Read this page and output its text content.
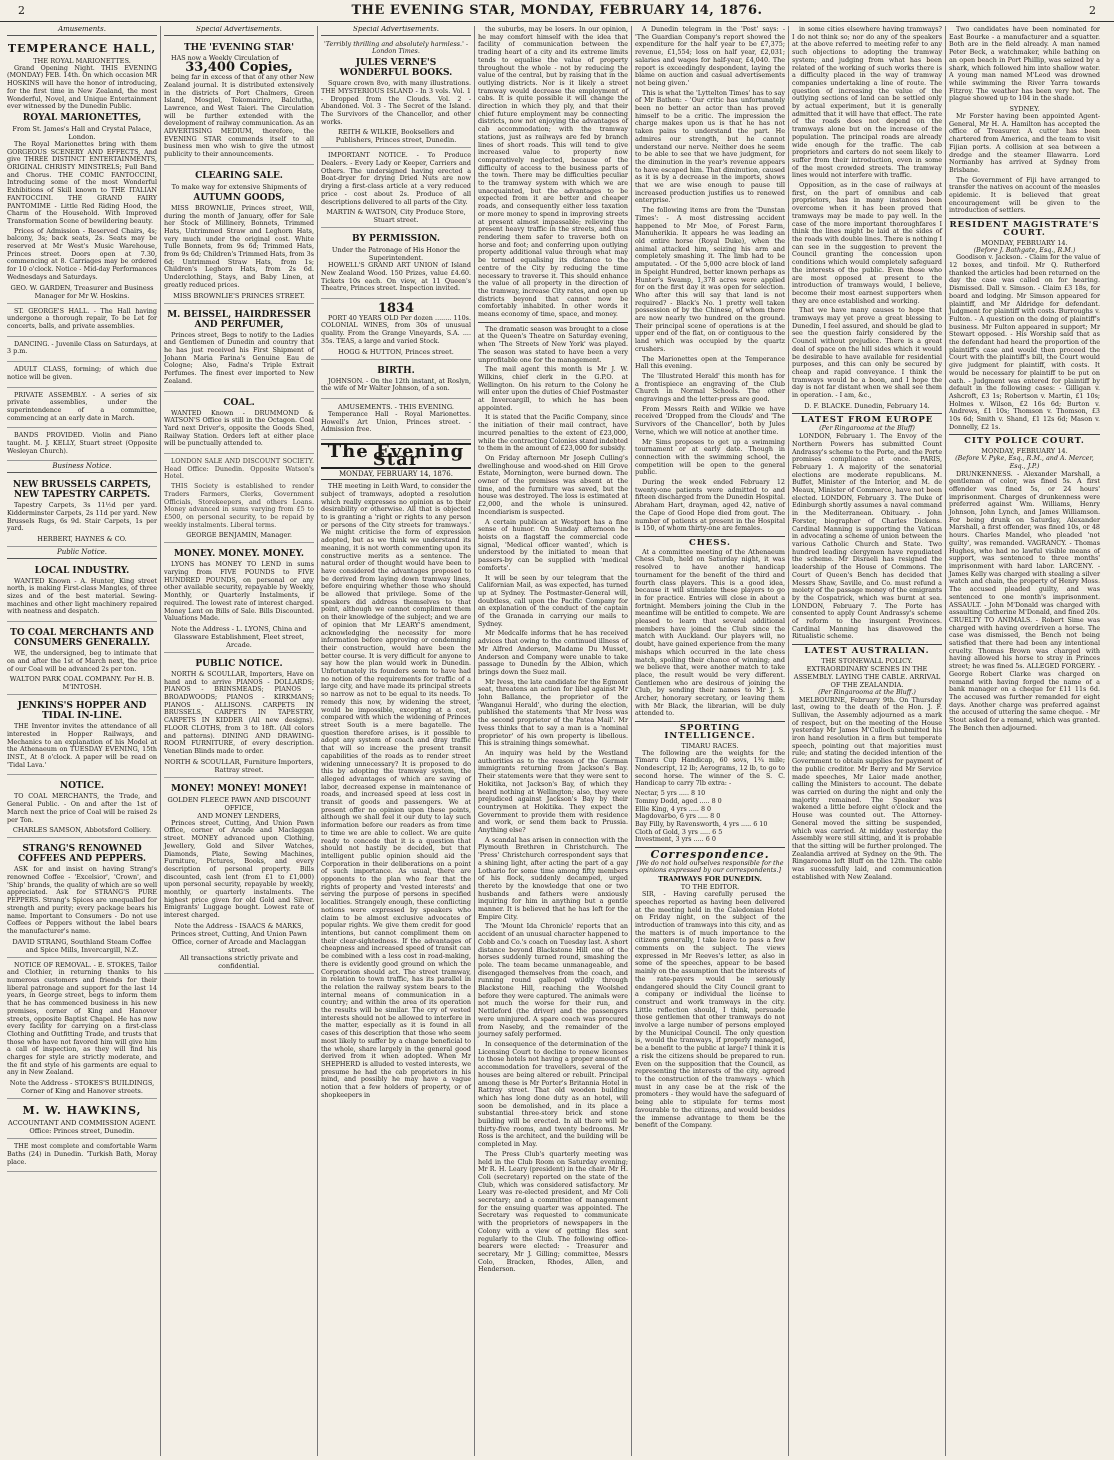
2	THE EVENING STAR, MONDAY, FEBRUARY 14, 1876.	2
Amusements.
TEMPERANCE HALL,
THE ROYAL MARIONETTES.

Grand Opening Night. THIS EVENING (MONDAY) FEB. 14th. On which occasion MR HOSKINS will have the honor of introducing, for the first time in New Zealand, the most Wonderful, Novel, and Unique Entertainment ever witnessed by the Dunedin Public.

ROYAL MARIONETTES,
From St. James's Hall and Crystal Palace, London.

The Royal Marionettes bring with them GORGEOUS SCENERY AND EFFECTS, And give THREE DISTINCT ENTERTAINMENTS, ORIGINAL CHRISTY MINSTRELS; Full Band and Chorus. THE COMIC FANTOCCINI, Introducing some of the most Wonderful Exhibitions of Skill known to THE ITALIAN FANTOCCINI. THE GRAND FAIRY PANTOMIME - Little Red Riding Hood, the Charm of the Household. With Improved Transformation Scene of bewildering beauty.

Prices of Admission - Reserved Chairs, 4s; balcony, 3s; back seats, 2s. Seats may be reserved at Mr West's Music Warehouse, Princes street. Doors open at 7.30, commencing at 8. Carriages may be ordered for 10 o'clock. Notice - Mid-day Performances Wednesdays and Saturdays.

GEO. W. GARDEN, Treasurer and Business Manager for Mr W. Hoskins.

ST. GEORGE'S HALL. - The Hall having undergone a thorough repair, To be Let for concerts, balls, and private assemblies.

DANCING. - Juvenile Class on Saturdays, at 3 p.m.

ADULT CLASS, forming; of which due notice will be given.

PRIVATE ASSEMBLY. - A series of six private assemblies, under the superintendence of a committee, commencing at an early date in March.

BANDS PROVIDED. Violin and Piano taught. M. J. KELLY, Stuart street (Opposite Wesleyan Church).

Business Notice.
NEW BRUSSELS CARPETS, NEW TAPESTRY CARPETS.

Tapestry Carpets, 3s 11½d per yard. Kidderminster Carpets, 2s 11d per yard. New Brussels Rugs, 6s 9d. Stair Carpets, 1s per yard.

HERBERT, HAYNES & CO.
Public Notice.
LOCAL INDUSTRY.

WANTED Known - A. Hunter, King street north, is making First-class Mangles, of three sizes and of the best material. Sewing-machines and other light machinery repaired with neatness and despatch.

TO COAL MERCHANTS AND CONSUMERS GENERALLY.

WE, the undersigned, beg to intimate that on and after the 1st of March next, the price of our Coal will be advanced 2s per ton.

WALTON PARK COAL COMPANY. Per H. B. M'INTOSH.
JENKINS'S HOPPER AND TIDAL IN-LINE.

THE Inventor invites the attendance of all interested in Hopper Railways, and Mechanics to an explanation of his Model at the Athenaeum on TUESDAY EVENING, 15th INST., At 8 o'clock. A paper will be read on 'Tidal Lava.'

NOTICE.

TO COAL MERCHANTS, the Trade, and General Public. - On and after the 1st of March next the price of Coal will be raised 2s per Ton.

CHARLES SAMSON, Abbotsford Colliery.
STRANG'S RENOWNED COFFEES AND PEPPERS.

ASK for and insist on having Strang's renowned Coffee - 'Excelsior', 'Crown', and 'Ship' brands, the quality of which are so well appreciated. Ask for STRANG'S PURE PEPPERS. Strang's Spices are unequalled for strength and purity; every package bears his name. Important to Consumers - Do not use Coffees or Peppers without the label bears the manufacturer's name.

DAVID STRANG, Southland Steam Coffee and Spice Mills, Invercargill, N.Z.

NOTICE OF REMOVAL. - E. STOKES, Tailor and Clothier, in returning thanks to his numerous customers and friends for their liberal patronage and support for the last 14 years, in George street, begs to inform them that he has commenced business in his new premises, corner of King and Hanover streets, opposite Baptist Chapel. He has now every facility for carrying on a first-class Clothing and Outfitting Trade, and trusts that those who have not favored him will give him a call of inspection, as they will find his charges for style are strictly moderate, and the fit and style of his garments are equal to any in New Zealand.

Note the Address - STOKES'S BUILDINGS, Corner of King and Hanover streets.
M. W. HAWKINS,
ACCOUNTANT AND COMMISSION AGENT.
Office: Princes street, Dunedin.

THE most complete and comfortable Warm Baths (24) in Dunedin. 'Turkish Bath, Moray place.

Special Advertisements.
THE 'EVENING STAR'

HAS now a Weekly Circulation of

33,400 Copies,

being far in excess of that of any other New Zealand journal. It is distributed extensively in the districts of Port Chalmers, Green Island, Mosgiel, Tokomairiro, Balclutha, Lawrence, and West Taieri. The Circulation will be further extended with the development of railway communication. As an ADVERTISING MEDIUM, therefore, the EVENING STAR commends itself to all business men who wish to give the utmost publicity to their announcements.

CLEARING SALE.
To make way for extensive Shipments of
AUTUMN GOODS,

MISS BROWNLIE, Princes street, Will, during the month of January, offer for Sale her Stock of Millinery, Bonnets, Trimmed Hats, Untrimmed Straw and Leghorn Hats, very much under the original cost. White Tulle Bonnets, from 9s 6d; Trimmed Hats, from 9s 6d; Children's Trimmed Hats, from 3s 6d; Untrimmed Straw Hats, from 1s; Children's Leghorn Hats, from 2s 6d. Underclothing, Stays, and Baby Linen, at greatly reduced prices.

MISS BROWNLIE'S PRINCES STREET.
M. BEISSEL, HAIRDRESSER AND PERFUMER,

Princes street, Begs to notify to the Ladies and Gentlemen of Dunedin and country that he has just received his First Shipment of Johann Maria Farina's Genuine Eau de Cologne; Also, Fadna's Triple Extrait Perfumes. The finest ever imported to New Zealand.

COAL.

WANTED Known - DRUMMOND & WATSON'S Office is still in the Octagon. Coal Yard next Driver's, opposite the Goods Shed, Railway Station. Orders left at either place will be punctually attended to.

LONDON SALE AND DISCOUNT SOCIETY. Head Office: Dunedin. Opposite Watson's Hotel.

THIS Society is established to render Traders Farmers, Clerks, Government Officials, Storekeepers, and others Loans. Money advanced in sums varying from £5 to £500, on personal security, to be repaid by weekly instalments. Liberal terms.

GEORGE BENJAMIN, Manager.
MONEY. MONEY. MONEY.

LYONS has MONEY TO LEND in sums varying from FIVE POUNDS to FIVE HUNDRED POUNDS, on personal or any other available security, repayable by Weekly, Monthly, or Quarterly Instalments, if required. The lowest rate of interest charged. Money Lent on Bills of Sale. Bills Discounted. Valuations Made.

Note the Address - L. LYONS, China and Glassware Establishment, Fleet street, Arcade.
PUBLIC NOTICE.

NORTH & SCOULLAR, Importers, Have on hand and to arrive PIANOS - DOLLARDS; PIANOS - BRINSMEADS; PIANOS - BROADWOODS; PIANOS - KIRKMANS; PIANOS - ALLISONS. CARPETS IN BRUSSELS, CARPETS IN TAPESTRY, CARPETS IN KIDDER (All new designs). FLOOR CLOTHS, from 3 to 18ft. (All colors and patterns). DINING AND DRAWING-ROOM FURNITURE, of every description. Venetian Blinds made to order.

NORTH & SCOULLAR, Furniture Importers, Rattray street.
MONEY! MONEY! MONEY!
GOLDEN FLEECE PAWN AND DISCOUNT OFFICE,
AND MONEY LENDERS,

Princes street, Cutting, And Union Pawn Office, corner of Arcade and Maclaggan street. MONEY advanced upon Clothing, Jewellery, Gold and Silver Watches, Diamonds, Plate, Sewing Machines, Furniture, Pictures, Books, and every description of personal property. Bills discounted, cash lent (from £1 to £1,000) upon personal security, repayable by weekly, monthly, or quarterly instalments. The highest price given for old Gold and Silver. Emigrants' Luggage bought. Lowest rate of interest charged.

Note the Address - ISAACS & MARKS, Princes street, Cutting, And Union Pawn Office, corner of Arcade and Maclaggan street.
All transactions strictly private and confidential.
Special Advertisements.
'Terribly thrilling and absolutely harmless.' - London Times.
JULES VERNE'S WONDERFUL BOOKS.

Square crown 8vo, with many illustrations. THE MYSTERIOUS ISLAND - In 3 vols. Vol. 1 - Dropped from the Clouds. Vol. 2 - Abandoned. Vol. 3 - The Secret of the Island. The Survivors of the Chancellor, and other works.

REITH & WILKIE, Booksellers and Publishers, Princes street, Dunedin.

IMPORTANT NOTICE. - To Produce Dealers. - Every Lady or Keeper, Carriers and Others. The undersigned having erected a Boat-dryer for drying Dried Nuts are now drying a first-class article at a very reduced price - cost about 2s. Produce of all descriptions delivered to all parts of the City.

MARTIN & WATSON, City Produce Store, Stuart street.
BY PERMISSION.
Under the Patronage of His Honor the Superintendent.

HOWELL'S GRAND ART UNION of Island New Zealand Wood. 150 Prizes, value £4.60. Tickets 10s each. On view, at 11 Queen's Theatre, Princes street. Inspection invited.

1834

PORT 40 YEARS OLD Per dozen ........ 110s. COLONIAL WINES, from 30s of unusual quality. From the Grange Vineyards, S.A. .... 35s. TEAS, a large and varied Stock.

HOGG & HUTTON, Princes street.
BIRTH.

JOHNSON. - On the 12th instant, at Roslyn, the wife of Mr Walter Johnson, of a son.

AMUSEMENTS. - THIS EVENING.

Temperance Hall - Royal Marionettes. Howell's Art Union, Princes street. - Admission free.

The Evening Star
MONDAY, FEBRUARY 14, 1876.

THE meeting in Leith Ward, to consider the subject of tramways, adopted a resolution which really expresses no opinion as to their desirability or otherwise. All that is objected to is granting a 'right or rights to any person or persons of the City streets for tramways.' We might criticise the form of expression adopted, but as we think we understand its meaning, it is not worth commenting upon its constructive merits as a sentence. The natural order of thought would have been to have considered the advantages proposed to be derived from laying down tramway lines, before enquiring whether those who should be allowed that privilege. Some of the speakers did address themselves to that point, although we cannot compliment them on their knowledge of the subject; and we are of opinion that Mr LEARY'S amendment, acknowledging the necessity for more information before approving or condemning their construction, would have been the better course. It is very difficult for anyone to say how the plan would work in Dunedin. Unfortunately its founders seem to have had no notion of the requirements for traffic of a large city, and have made its principal streets so narrow as not to be equal to its needs. To remedy this now, by widening the street, would be impossible, excepting at a cost, compared with which the widening of Princes street South is a mere bagatelle. The question therefore arises, is it possible to adopt any system of coach and dray traffic that will so increase the present transit capabilities of the roads as to render street widening unnecessary? It is proposed to do this by adopting the tramway system, the alleged advantages of which are saving of labor, decreased expense in maintenance of roads, and increased speed at less cost in transit of goods and passengers. We at present offer no opinion upon these points, although we shall feel it our duty to lay such information before our readers as from time to time we are able to collect. We are quite ready to concede that it is a question that should not hastily be decided, but that intelligent public opinion should aid the Corporation in their deliberations on a point of such importance. As usual, there are opponents to the plan who fear that the rights of property and 'vested interests' and serving the purpose of persons in specified localities. Strangely enough, these conflicting notions were expressed by speakers who claim to be almost exclusive advocates of popular rights. We give them credit for good intentions, but cannot compliment them on their clear-sightedness. If the advantages of cheapness and increased speed of transit can be combined with a less cost in road-making, there is evidently good ground on which the Corporation should act. The street tramway, in relation to town traffic, has its parallel in the relation the railway system bears to the internal means of communication in a country; and within the area of its operation the results will be similar. The cry of vested interests should not be allowed to interfere in the matter, especially as it is found in all cases of this description that those who seem most likely to suffer by a change beneficial to the whole, share largely in the general good derived from it when adopted. When Mr SHEPHERD is alluded to vested interests, we presume he had the cab proprietors in his mind, and possibly he may have a vague notion that a few holders of property, or of shopkeepers in

the suburbs, may be losers. In our opinion, he may comfort himself with the idea that facility of communication between the trading heart of a city and its extreme limits tends to equalise the value of property throughout the whole - not by reducing the value of the central, but by raising that in the outlying districts. Nor is it likely a street tramway would decrease the employment of cabs. It is quite possible it will change the direction in which they ply, and that their chief future employment may be connecting districts, now not enjoying the advantages of cab accommodation; with the tramway stations, just as railways are fed by branch lines of short roads. This will tend to give increased value to property now comparatively neglected, because of the difficulty of access to the business parts of the town. There may be difficulties peculiar to the tramway system with which we are unacquainted, but the advantages to be expected from it are better and cheaper roads, and consequently either less taxation or more money to spend in improving streets at present almost impassable; relieving the present heavy traffic in the streets, and thus rendering them safer to traverse both on horse and foot; and conferring upon outlying property additional value through what may be termed equalising its distance to the centre of the City by reducing the time necessary to traverse it. This should enhance the value of all property in the direction of the tramway, increase City rates, and open up districts beyond that cannot now be comfortably inhabited. In other words it means economy of time, space, and money.

The dramatic season was brought to a close at the Queen's Theatre on Saturday evening, when 'The Streets of New York' was played. The season was stated to have been a very unprofitable one for the management.

The mail agent this month is Mr J. W. Wilkins, chief clerk in the G.P.O. at Wellington. On his return to the Colony he will enter upon the duties of Chief Postmaster at Invercargill, to which he has been appointed.

It is stated that the Pacific Company, since the initiation of their mail contract, have incurred penalties to the extent of £23,000, while the contracting Colonies stand indebted to them in the amount of £23,000 for subsidy.

On Friday afternoon Mr Joseph Culling's dwellinghouse and wood-shed on Hill Grove Estate, Mornington, were burned down. The owner of the premises was absent at the time, and the furniture was saved, but the house was destroyed. The loss is estimated at £2,000, and the whole is uninsured. Incendiarism is suspected.

A certain publican at Westport has a fine sense of humor. On Sunday afternoon he hoists on a flagstaff the commercial code signal, 'Medical officer wanted', which is understood by the initiated to mean that passers-by can be supplied with 'medical comforts'.

It will be seen by our telegram that the Californian Mail, as was expected, has turned up at Sydney. The Postmaster-General will, doubtless, call upon the Pacific Company for an explanation of the conduct of the captain of the Granada in carrying our mails to Sydney.

Mr Medcalfe informs that he has received advices that owing to the continued illness of Mr Alfred Anderson, Madame Du Musset, Anderson and Company were unable to take passage to Dunedin by the Albion, which brings down the Suez mail.

Mr Ivess, the late candidate for the Egmont seat, threatens an action for libel against Mr John Ballance, the proprietor of the 'Wanganui Herald', who during the election, published the statements 'that Mr Ivess was the second proprietor of the Patea Mail'. Mr Ivess thinks that to say a man is a 'nominal proprietor' of his own property is libellous. This is straining things somewhat.

An inquiry was held by the Westland authorities as to the reason of the German immigrants returning from Jackson's Bay. Their statements were that they were sent to Hokitika, not Jackson's Bay, of which they heard nothing at Wellington; also, they were prejudiced against Jackson's Bay by their countrymen at Hokitika. They expect the Government to provide them with residence and work, or send them back to Prussia. Anything else?

A scandal has arisen in connection with the Plymouth Brethren in Christchurch. The 'Press' Christchurch correspondent says that a shining light, after acting the part of a gay Lothario for some time among fifty members of his flock, suddenly decamped, urged thereto by the knowledge that one or two husbands and fathers were anxiously inquiring for him in anything but a gentle manner. It is believed that he has left for the Empire City.

The 'Mount Ida Chronicle' reports that an accident of an unusual character happened to Cobb and Co.'s coach on Tuesday last. A short distance beyond Blackstone Hill one of the horses suddenly turned round, smashing the pole. The team became unmanageable, and disengaged themselves from the coach, and running round galloped wildly through Blackstone Hill, reaching the Woolshed before they were captured. The animals were not much the worse for their run, and Nettleford (the driver) and the passengers were uninjured. A spare coach was procured from Naseby, and the remainder of the journey safely performed.

In consequence of the determination of the Licensing Court to decline to renew licenses to those hotels not having a proper amount of accommodation for travellers, several of the houses are being altered or rebuilt. Principal among these is Mr Porter's Britannia Hotel in Rattray street. That old wooden building which has long done duty as an hotel, will soon be demolished, and in its place a substantial three-story brick and stone building will be erected. In all there will be thirty-five rooms, and twenty bedrooms. Mr Ross is the architect, and the building will be completed in May.

The Press Club's quarterly meeting was held in the Club Room on Saturday evening; Mr R. H. Leary (president) in the chair. Mr H. Coli (secretary) reported on the state of the Club, which was considered satisfactory. Mr Leary was re-elected president, and Mr Coli secretary; and a committee of management for the ensuing quarter was appointed. The Secretary was requested to communicate with the proprietors of newspapers in the Colony with a view of getting files sent regularly to the Club. The following office-bearers were elected: - Treasurer and secretary, Mr J. Gilling; committee, Messrs Colo, Bracken, Rhodes, Allen, and Henderson.

A Dunedin telegram in the 'Post' says: - 'The Guardian Company's report showed the expenditure for the half year to be £7,375; revenue, £1,554; loss on half year, £2,031; salaries and wages for half-year, £4,040. The report is exceedingly despondent, laying the blame on auction and casual advertisements not being given.'

This is what the 'Lyttelton Times' has to say of Mr Bathen: - 'Our critic has unfortunately been no better an actor than has proved himself to be a critic. The impression the charge makes upon us is that he has not taken pains to understand the part. He admires our strength, but he cannot understand our nerve. Neither does he seem to be able to see that we have judgment, for the diminution in the year's revenue appears to have escaped him. That diminution, caused as it is by a decrease in the imports, shows that we are wise enough to pause till increased production justifies us to renewed enterprise.'

The following items are from the 'Dunstan Times': - A most distressing accident happened to Mr Moe, of Forest Farm, Manuherikia. It appears he was leading an old entire horse (Royal Duke), when the animal attacked him, seizing his arm and completely smashing it. The limb had to be amputated. - Of the 5,000 acre block of land in Speight Hundred, better known perhaps as Hunter's Swamp, 1,378 acres were applied for on the first day it was open for selection. Who after this will say that land is not required? - Black's No. 1 pretty well taken possession of by the Chinese, of whom there are now nearly two hundred on the ground. Their principal scene of operations is at the upper end of the flat, on or contiguous to the land which was occupied by the quartz crushers.

The Marionettes open at the Temperance Hall this evening.

The 'Illustrated Herald' this month has for a frontispiece an engraving of the Club Church in Normal Schools. The other engravings and the letter-press are good.

From Messrs Reith and Wilkie we have received 'Dropped from the Clouds' and 'The Survivors of the Chancellor', both by Jules Verne, which we will notice at another time.

Mr Sims proposes to get up a swimming tournament or at early date. Though in connection with the swimming school, the competition will be open to the general public.

During the week ended February 12 twenty-one patients were admitted to and fifteen discharged from the Dunedin Hospital. Abraham Hart, drayman, aged 42, native of the Cape of Good Hope died from gout. The number of patients at present in the Hospital is 150, of whom thirty-one are females.

CHESS.

At a committee meeting of the Athenaeum Chess Club, held on Saturday night, it was resolved to have another handicap tournament for the benefit of the third and fourth class players. This is a good idea, because it will stimulate these players to go in for practice. Entries will close in about a fortnight. Members joining the Club in the meantime will be entitled to compete. We are pleased to learn that several additional members have joined the Club since the match with Auckland. Our players will, no doubt, have gained experience from the many mishaps which occurred in the late chess match, spoiling their chance of winning; and we believe that, were another match to take place, the result would be very different. Gentlemen who are desirous of joining the Club, by sending their names to Mr J. S. Archer, honorary secretary, or leaving them with Mr Black, the librarian, will be duly attended to.

SPORTING INTELLIGENCE.
TIMARU RACES.

The following are the weights for the Timaru Cup Handicap, 60 sovs, 1¾ mile; Nondescript, 12 lb; Aerograms, 12 lb, to go to second horse. The winner of the S. C. Handicap to carry 7lb extra: -

Nectar, 5 yrs ..... 8 10
Tommy Dodd, aged ..... 8 0
Ellie King, 4 yrs ..... 8 0
Magdovarbo, 6 yrs ..... 8 0
Bay Filly, by Ravensworth, 4 yrs ..... 6 10
Cloth of Gold, 3 yrs ..... 6 5
Investment, 3 yrs ..... 6 0
Correspondence.
[We do not hold ourselves responsible for the opinions expressed by our correspondents.]
TRAMWAYS FOR DUNEDIN.
TO THE EDITOR.

SIR, - Having carefully perused the speeches reported as having been delivered at the meeting held in the Caledonian Hotel on Friday night, on the subject of the introduction of tramways into this city, and as the matters is of much importance to the citizens generally, I take leave to pass a few comments on the subject. The views expressed in Mr Reeves's letter, as also in some of the speeches, appear to be based mainly on the assumption that the interests of the rate-payers would be seriously endangered should the City Council grant to a company or individual the license to construct and work tramways in the city. Little reflection should, I think, persuade those gentlemen that other tramways do not involve a large number of persons employed by the Municipal Council. The only question is, would the tramways, if properly managed, be a benefit to the public at large? I think it is a risk the citizens should be prepared to run. Even on the supposition that the Council, as representing the interests of the city, agreed to the construction of the tramways - which must in any case be at the risk of the promoters - they would have the safeguard of being able to stipulate for terms most favourable to the citizens, and would besides the immense advantage to them be the benefit of the Company.

in some cities elsewhere having tramways? I do not think so; nor do any of the speakers at the above referred to meeting refer to any such objections to adopting the tramway system; and judging from what has been related of the working of such works there is a difficulty placed in the way of tramway companies undertaking a line of route. The question of increasing the value of the outlying sections of land can be settled only by actual experiment, but it is generally admitted that it will have that effect. The rate of the roads does not depend on the tramways alone but on the increase of the population. The principal roads are already wide enough for the traffic. The cab proprietors and carters do not seem likely to suffer from their introduction, even in some of the most crowded streets. The tramway lines would not interfere with traffic.

Opposition, as in the case of railways at first, on the part of omnibus and cab proprietors, has in many instances been overcome when it has been proved that tramways may be made to pay well. In the case of the more important thoroughfares I think the lines might be laid at the sides of the roads with double lines. There is nothing I can see in the suggestion to prevent the Council granting the concession upon conditions which would completely safeguard the interests of the public. Even those who are most opposed at present to the introduction of tramways would, I believe, become their most earnest supporters when they are once established and working.

That we have many causes to hope that tramways may yet prove a great blessing to Dunedin, I feel assured, and should be glad to see the question fairly considered by the Council without prejudice. There is a great deal of space on the hill sides which it would be desirable to have available for residential purposes, and this can only be secured by cheap and rapid conveyance. I think the tramways would be a boon, and I hope the day is not far distant when we shall see them in operation. - I am, &c.,

D. F. BLACKE. Dunedin, February 14.
LATEST FROM EUROPE
(Per Ringarooma at the Bluff)

LONDON, February 1. The Envoy of the Northern Powers has submitted Count Andrassy's scheme to the Porte, and the Porte promises compliance at once. PARIS, February 1. A majority of the senatorial elections are moderate republicans. M. Buffet, Minister of the Interior, and M. de Meaux, Minister of Commerce, have not been elected. LONDON, February 3. The Duke of Edinburgh shortly assumes a naval command in the Mediterranean. Obituary. - John Forster, biographer of Charles Dickens. Cardinal Manning is supporting the Vatican in advocating a scheme of union between the various Catholic Church and State. Two hundred leading clergymen have repudiated the scheme. Mr Disraeli has resigned the leadership of the House of Commons. The Court of Queen's Bench has decided that Messrs Shaw, Saville, and Co. must refund a moiety of the passage money of the emigrants by the Cospatrick, which was burnt at sea. LONDON, February 7. The Porte has consented to apply Count Andrassy's scheme of reform to the insurgent Provinces. Cardinal Manning has disavowed the Ritualistic scheme.

LATEST AUSTRALIAN.
THE STONEWALL POLICY. EXTRAORDINARY SCENES IN THE ASSEMBLY. LAYING THE CABLE. ARRIVAL OF THE ZEALANDIA.
(Per Ringarooma at the Bluff.)

MELBOURNE, February 9th. On Thursday last, owing to the death of the Hon. J. F. Sullivan, the Assembly adjourned as a mark of respect, but on the meeting of the House yesterday Mr James M'Culloch submitted his iron hand resolution in a firm but temperate speech, pointing out that majorities must rule; and stating the decided intention of the Government to obtain supplies for payment of the public creditor. Mr Berry and Mr Service made speeches, Mr Laior made another, calling the Ministers to account. The debate was carried on during the night and only the majority remained. The Speaker was wakened a little before eight o'clock and the House was counted out. The Attorney-General moved the sitting be suspended, which was carried. At midday yesterday the Assembly were still sitting, and it is probable that the sitting will be further prolonged. The Zealandia arrived at Sydney on the 9th. The Ringarooma left Bluff on the 12th. The cable was successfully laid, and communication established with New Zealand.

Two candidates have been nominated for East Bourke - a manufacturer and a squatter. Both are in the field already. A man named Peter Beck, a watchmaker, while bathing on an open beach in Port Phillip, was seized by a shark, which followed him into shallow water. A young man named M'Leod was drowned while swimming the River Yarra towards Fitzroy. The weather has been very hot. The plague showed up to 104 in the shade.

SYDNEY.

Mr Forster having been appointed Agent-General, Mr H. A. Hamilton has accepted the office of Treasurer. A cutter has been chartered from America, and the team to visit Fijian ports. A collision at sea between a dredge and the steamer Illawarra. Lord Normanby has arrived at Sydney from Brisbane.

The Government of Fiji have arranged to transfer the natives on account of the measles epidemic. It is believed that great encouragement will be given to the introduction of settlers.

RESIDENT MAGISTRATE'S COURT.
MONDAY, FEBRUARY 14.
(Before J. Bathgate, Esq., R.M.)

Goodison v. Jackson. - Claim for the value of 12 boxes, and tinfoil. Mr Q. Rutherford thanked the articles had been returned on the day the case was called on for hearing. Dismissed. Dall v. Simson. - Claim £3 18s, for board and lodging. Mr Simson appeared for plaintiff, and Mr Aldridge for defendant. Judgment for plaintiff with costs. Burroughs v. Fulton. - A question on the doing of plaintiff's business. Mr Fulton appeared in support; Mr Stewart opposed. - His Worship said that as the defendant had heard the proportion of the plaintiff's case and would then proceed the Court with the plaintiff's bill, the Court would give judgment for plaintiff, with costs. It would be necessary for plaintiff to be put on oath. - Judgment was entered for plaintiff by default in the following cases: - Gilligan v. Ashcroft, £3 1s; Robertson v. Martin, £1 10s; Holmes v. Wilson, £2 16s 6d; Burton v. Andrews, £1 10s; Thomson v. Thomson, £3 10s 6d; Smith v. Shand, £1 12s 6d; Mason v. Donnelly, £2 1s.

CITY POLICE COURT.
MONDAY, FEBRUARY 14.
(Before V. Pyke, Esq., R.M., and A. Mercer, Esq., J.P.)

DRUNKENNESS. - Alexander Marshall, a gentleman of color, was fined 5s. A first offender was fined 5s, or 24 hours' imprisonment. Charges of drunkenness were preferred against Wm. Williams, Henry Johnson, John Lynch, and James Williamson. For being drunk on Saturday, Alexander Marshall, a first offender, was fined 10s, or 48 hours. Charles Mandel, who pleaded 'not guilty', was remanded. VAGRANCY. - Thomas Hughes, who had no lawful visible means of support, was sentenced to three months' imprisonment with hard labor. LARCENY. - James Kelly was charged with stealing a silver watch and chain, the property of Henry Moss. The accused pleaded guilty, and was sentenced to one month's imprisonment. ASSAULT. - John M'Donald was charged with assaulting Catherine M'Donald, and fined 20s. CRUELTY TO ANIMALS. - Robert Sime was charged with having overdriven a horse. The case was dismissed, the Bench not being satisfied that there had been any intentional cruelty. Thomas Brown was charged with having allowed his horse to stray in Princes street; he was fined 5s. ALLEGED FORGERY. - George Robert Clarke was charged on remand with having forged the name of a bank manager on a cheque for £11 11s 6d. The accused was further remanded for eight days. Another charge was preferred against the accused of uttering the same cheque. - Mr Stout asked for a remand, which was granted. The Bench then adjourned.
